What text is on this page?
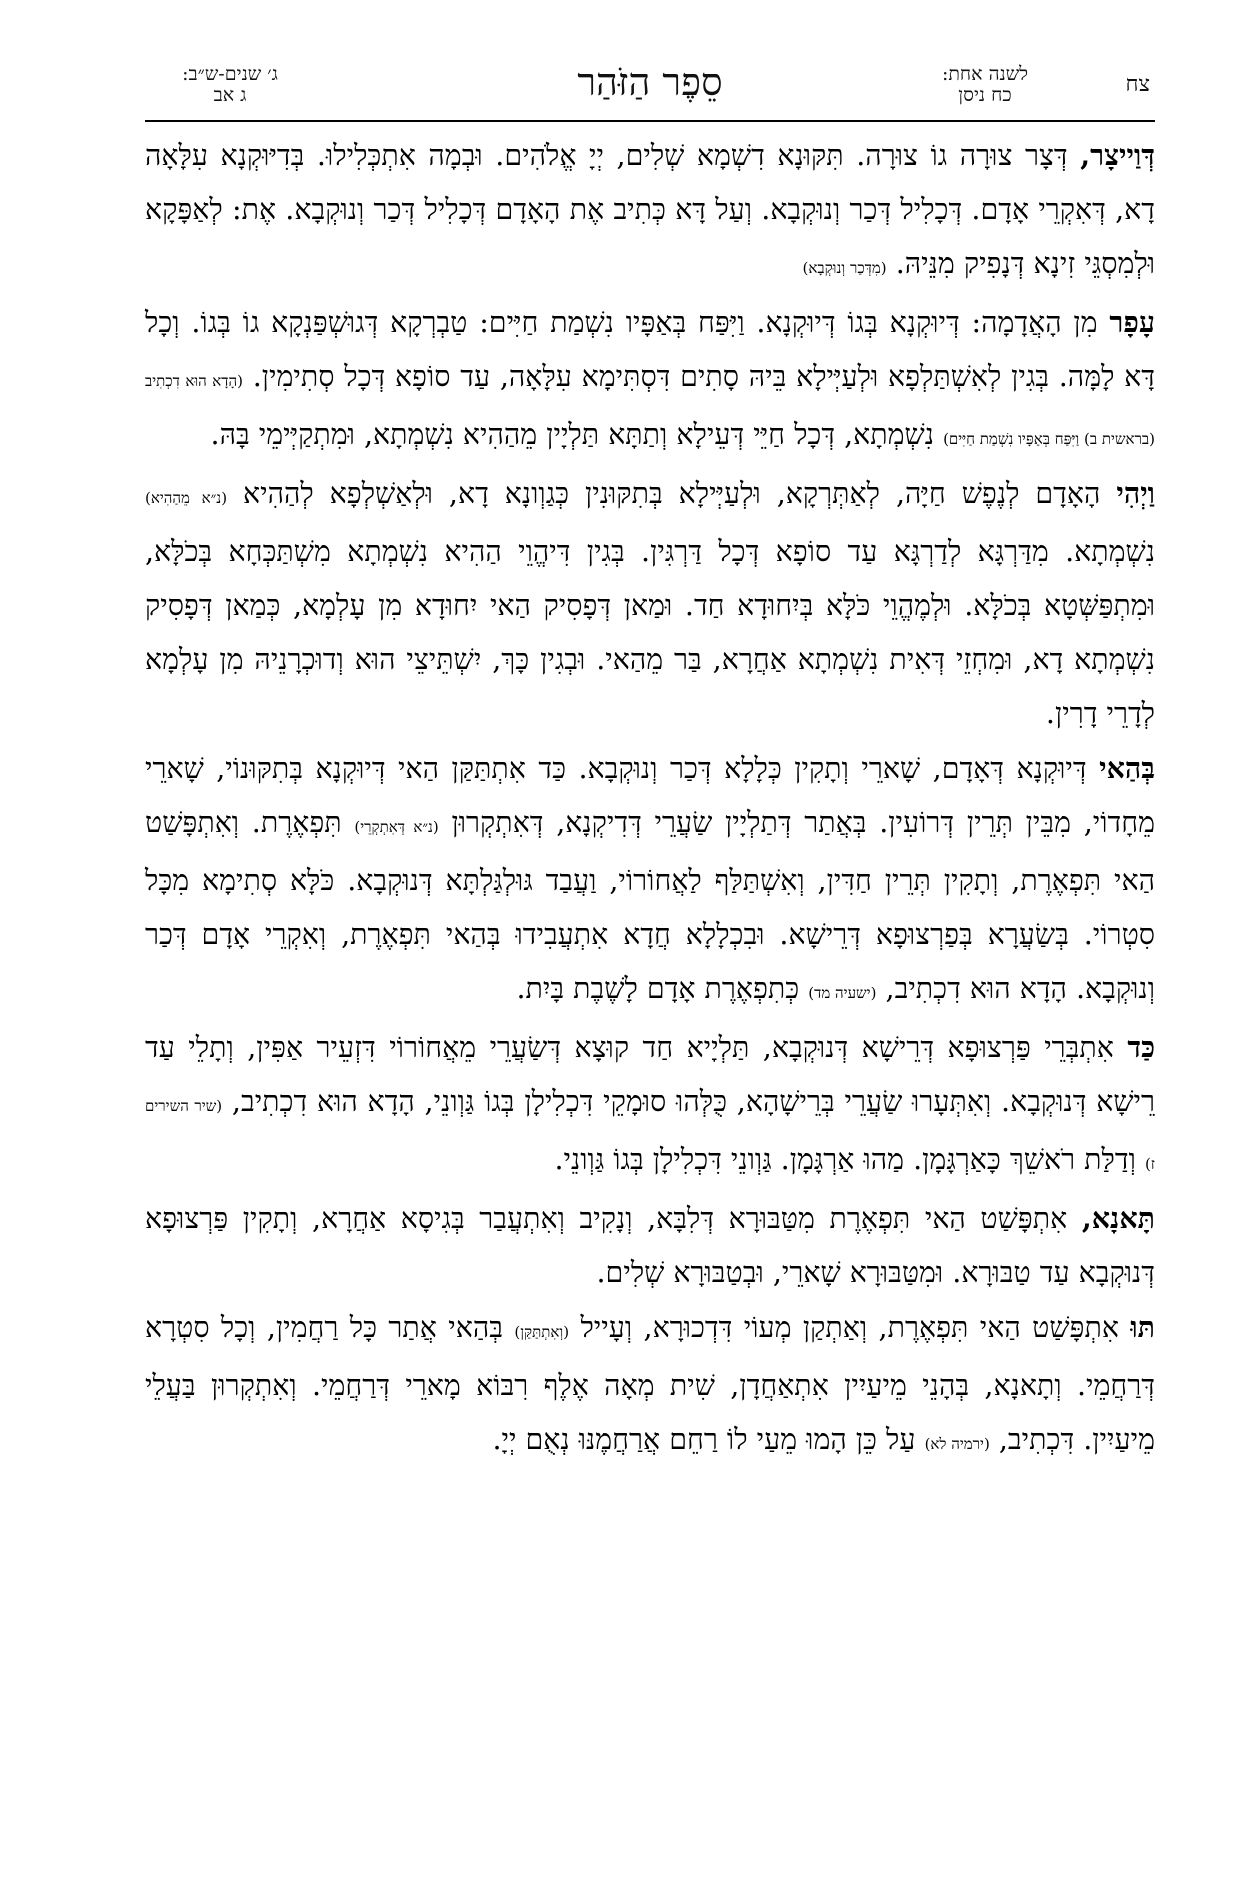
צח
לשנה אחת:
כח ניסן
סֵפֶר הַזֹּהַר
ג׳ שנים-ש״ב:
ג אב

דְּוַייצָר, דְּצָר צוּרָה גוֹ צוּרָה. תִּקּוּנָא דִשְׁמָא שְׁלִים, יְיָ אֱלֹהִים. וּבְמָה אִתְכְּלִילוּ. בְּדִיּוּקְנָא עִלָּאָה דָא, דְּאִקְרֵי אָדָם. דְּכָלִיל דְּכַר וְנוּקְבָא. וְעַל דָּא כְּתִיב אֶת הָאָדָם דְּכָלִיל דְּכַר וְנוּקְבָא. אֶת: לְאַפָּקָא וּלְמִסְגֵּי זִינָא דְּנָפִיק מִנֵּיהּ. (מִדְּכַר וְנוּקְבָא)

עָפָר מִן הָאֲדָמָה: דְּיוּקְנָא בְּגוֹ דְּיוּקְנָא. וַיִּפַּח בְּאַפָּיו נִשְׁמַת חַיִּים: טַבְרְקָא דְּגוּשְׁפַּנְקָא גוֹ בְּגוֹ. וְכָל דָּא לָמָּה. בְּגִין לְאִשְׁתַּלְפָא וּלְעַיְּילָא בֵּיהּ סָתִים דִּסְתִּימָא עִלָּאָה, עַד סוֹפָא דְּכָל סְתִימִין. (הָדָא הוּא דִכְתִיב (בראשית ב) וַיִּפַּח בְּאַפָּיו נִשְׁמַת חַיִּים) נִשְׁמְתָא, דְּכָל חַיֵּי דְּעֵילָא וְתַתָּא תַּלְיָין מֵהַהִיא נִשְׁמְתָא, וּמִתְקַיְּימֵי בָּהּ.

וַיְהִי הָאָדָם לְנֶפֶשׁ חַיָּה, לְאַתְּרְקָא, וּלְעַיְּילָא בְּתִקּוּנִין כְּגַוְונָא דָא, וּלְאַשְׁלְפָא לְהַהִיא (נ״א מֵהַהִיא) נִשְׁמְתָא. מִדַּרְגָּא לְדַרְגָּא עַד סוֹפָא דְּכָל דַּרְגִּין. בְּגִין דִּיהֱוֵי הַהִיא נִשְׁמְתָא מִשְׁתַּכְּחָא בְּכֹלָּא, וּמִתְפַּשְּׁטָא בְּכֹלָּא. וּלְמֶהֱוֵי כֹּלָּא בְּיִחוּדָא חַד. וּמַאן דְּפָסִיק הַאי יִחוּדָא מִן עָלְמָא, כְּמַאן דְּפָסִיק נִשְׁמְתָא דָא, וּמִחְזֵי דְּאִית נִשְׁמְתָא אַחֲרָא, בַּר מֵהַאי. וּבְגִין כָּךְ, יִשְׁתֵּיצֵי הוּא וְדוּכְרָנֵיהּ מִן עָלְמָא לְדָרֵי דָרִין.

בְּהַאי דְּיוּקְנָא דְּאָדָם, שָׁארֵי וְתָקִין כְּלָלָא דְּכַר וְנוּקְבָא. כַּד אִתְתַּקַּן הַאי דְּיוּקְנָא בְּתִקּוּנוֹי, שָׁארֵי מֵחָדוֹי, מִבֵּין תְּרֵין דְּרוֹעִין. בְּאֲתַר דְּתַלְיָין שַׂעֲרֵי דְּדִיקְנָא, דְּאִתְקְרוּן (נ״א דְּאִתְקְרֵי) תִּפְאֶרֶת. וְאִתְפָּשַׁט הַאי תִּפְאֶרֶת, וְתָקִין תְּרֵין חַדִּין, וְאִשְׁתַּלַּף לַאֲחוֹרוֹי, וַעֲבַד גּוּלְגַּלְתָּא דְּנוּקְבָא. כֹּלָּא סְתִימָא מִכָּל סִטְרוֹי. בְּשַׂעֲרָא בְּפַרְצוּפָא דְּרֵישָׁא. וּבִכְלָלָא חֲדָא אִתְעֲבִידוּ בְּהַאי תִּפְאֶרֶת, וְאִקְרֵי אָדָם דְּכַר וְנוּקְבָא. הָדָא הוּא דִכְתִיב, (ישעיה מד) כְּתִפְאֶרֶת אָדָם לָשֶׁבֶת בָּיִת.

כַּד אִתְבְּרֵי פַּרְצוּפָא דְּרֵישָׁא דְּנוּקְבָא, תַּלְיָיא חַד קוּצָא דְּשַׂעֲרֵי מֵאֲחוֹרוֹי דִּזְעֵיר אַפִּין, וְתָלֵי עַד רֵישָׁא דְּנוּקְבָא. וְאִתְּעָרוּ שַׂעֲרֵי בְּרֵישָׁהָא, כֻּלְּהוּ סוּמָקֵי דִּכְלִילָן בְּגוֹ גַּוְונֵי, הָדָא הוּא דִכְתִיב, (שיר השירים ז) וְדַלַּת רֹאשֵׁךְ כָּאַרְגָּמָן. מַהוּ אַרְגָּמָן. גַּוְונֵי דִּכְלִילָן בְּגוֹ גַּוְונֵי.

תָּאנָא, אִתְפָּשַׁט הַאי תִּפְאֶרֶת מִטַּבּוּרָא דְּלִבָּא, וְנָקִיב וְאִתְעֲבַר בְּגִיסָא אַחֲרָא, וְתָקִין פַּרְצוּפָא דְּנוּקְבָא עַד טַבּוּרָא. וּמִטַּבּוּרָא שָׁארֵי, וּבְטַבּוּרָא שְׁלִים.

תּוּ אִתְפָּשַׁט הַאי תִּפְאֶרֶת, וְאַתְקַן מְעוֹי דִּדְכוּרָא, וְעָייל (וְאִתְתַּקַּן) בְּהַאי אֲתַר כָּל רַחֲמִין, וְכָל סִטְרָא דְּרַחֲמֵי. וְתָאנָא, בְּהָנֵי מֵיעַיִין אִתְאַחֲדָן, שִׁית מְאָה אֶלֶף רִבּוֹא מָארֵי דְּרַחֲמֵי. וְאִתְקְרוּן בַּעֲלֵי מֵיעַיִין. דִּכְתִיב, (ירמיה לא) עַל כֵּן הָמוּ מֵעַי לוֹ רַחֵם אֲרַחֲמֶנּוּ נְאֻם יְיָ.
